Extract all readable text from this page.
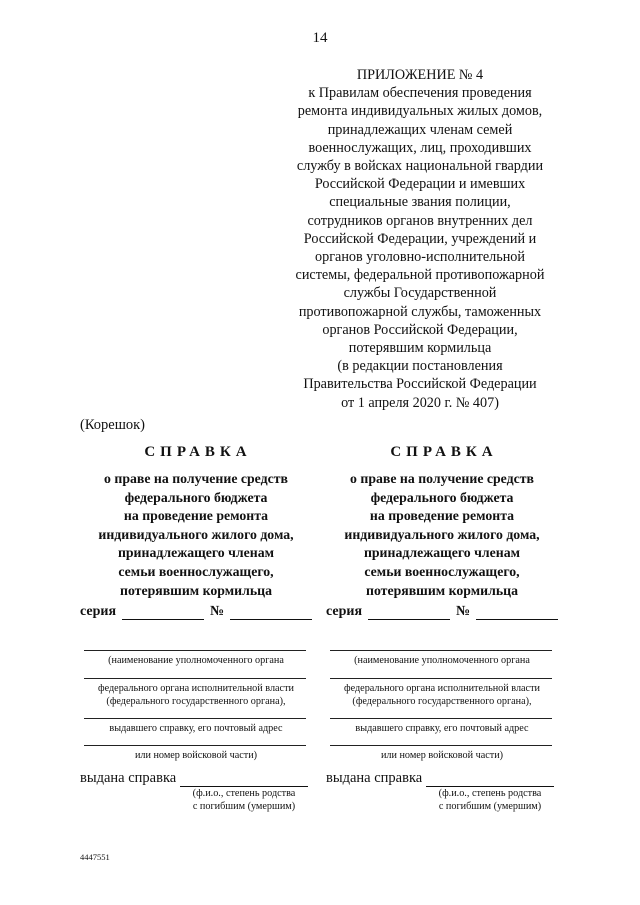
14
ПРИЛОЖЕНИЕ № 4
к Правилам обеспечения проведения
ремонта индивидуальных жилых домов,
принадлежащих членам семей
военнослужащих, лиц, проходивших
службу в войсках национальной гвардии
Российской Федерации и имевших
специальные звания полиции,
сотрудников органов внутренних дел
Российской Федерации, учреждений и
органов уголовно-исполнительной
системы, федеральной противопожарной
службы Государственной
противопожарной службы, таможенных
органов Российской Федерации,
потерявшим кормильца
(в редакции постановления
Правительства Российской Федерации
от 1 апреля 2020 г. № 407)
(Корешок)
СПРАВКА
о праве на получение средств
федерального бюджета
на проведение ремонта
индивидуального жилого дома,
принадлежащего членам
семьи военнослужащего,
потерявшим кормильца
серия	№
(наименование уполномоченного органа
федерального органа исполнительной власти
(федерального государственного органа),
выдавшего справку, его почтовый адрес
или номер войсковой части)
выдана справка
(ф.и.о., степень родства
с погибшим (умершим)
СПРАВКА
о праве на получение средств
федерального бюджета
на проведение ремонта
индивидуального жилого дома,
принадлежащего членам
семьи военнослужащего,
потерявшим кормильца
серия	№
(наименование уполномоченного органа
федерального органа исполнительной власти
(федерального государственного органа),
выдавшего справку, его почтовый адрес
или номер войсковой части)
выдана справка
(ф.и.о., степень родства
с погибшим (умершим)
4447551
